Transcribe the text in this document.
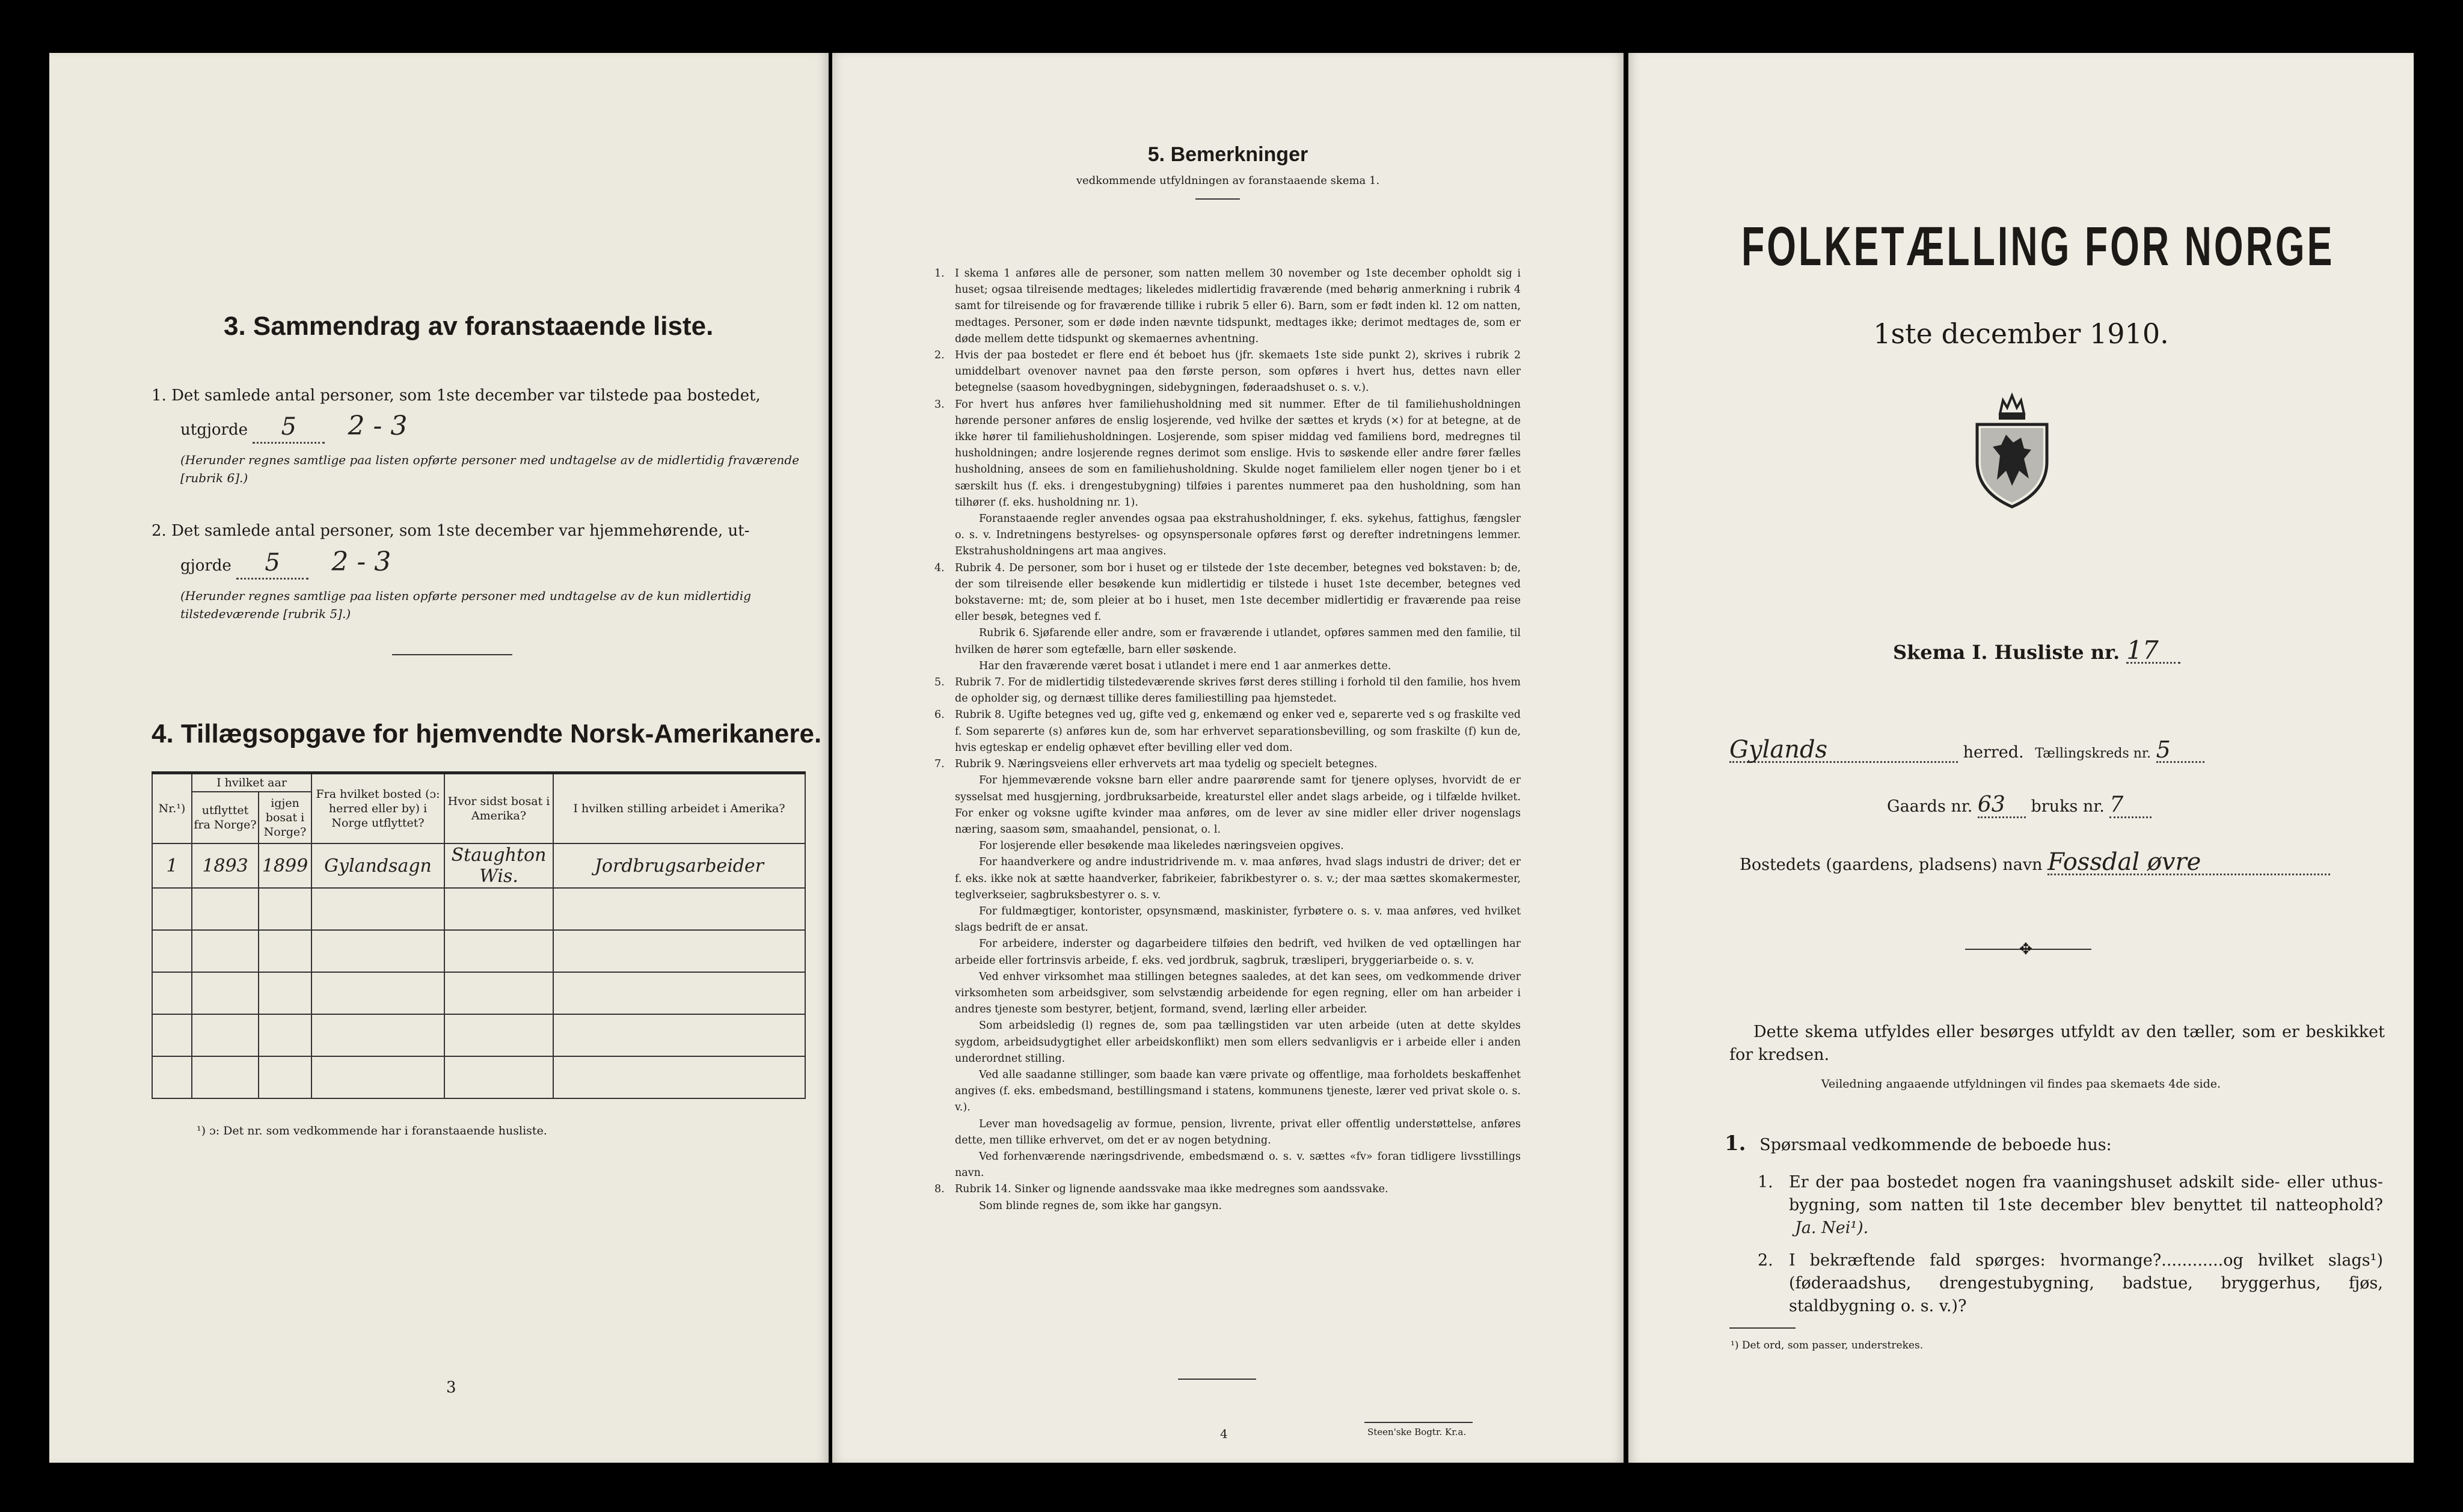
3. Sammendrag av foranstaaende liste.
1. Det samlede antal personer, som 1ste december var tilstede paa bostedet,
utgjorde 5 2 - 3
(Herunder regnes samtlige paa listen opførte personer med undtagelse av de midlertidig fraværende [rubrik 6].)
2. Det samlede antal personer, som 1ste december var hjemmehørende, ut-
gjorde 5 2 - 3
(Herunder regnes samtlige paa listen opførte personer med undtagelse av de kun midlertidig tilstedeværende [rubrik 5].)
4. Tillægsopgave for hjemvendte Norsk-Amerikanere.
Nr.¹)	I hvilket aar		Fra hvilket bosted (ɔ: herred eller by) i Norge utflyttet?	Hvor sidst bosat i Amerika?	I hvilken stilling arbeidet i Amerika?
	utflyttet fra Norge?	igjen bosat i Norge?			
1	1893	1899	Gylandsagn	Staughton Wis.	Jordbrugsarbeider

¹) ɔ: Det nr. som vedkommende har i foranstaaende husliste.
3
5. Bemerkninger
vedkommende utfyldningen av foranstaaende skema 1.
1. I skema 1 anføres alle de personer, som natten mellem 30 november og 1ste december opholdt sig i huset; ogsaa tilreisende medtages; likeledes midlertidig fraværende (med behørig anmerkning i rubrik 4 samt for tilreisende og for fraværende tillike i rubrik 5 eller 6). Barn, som er født inden kl. 12 om natten, medtages. Personer, som er døde inden nævnte tidspunkt, medtages ikke; derimot medtages de, som er døde mellem dette tidspunkt og skemaernes avhentning.
2. Hvis der paa bostedet er flere end ét beboet hus (jfr. skemaets 1ste side punkt 2), skrives i rubrik 2 umiddelbart ovenover navnet paa den første person, som opføres i hvert hus, dettes navn eller betegnelse (saasom hovedbygningen, sidebygningen, føderaadshuset o. s. v.).
3. For hvert hus anføres hver familiehusholdning med sit nummer. Efter de til familiehusholdningen hørende personer anføres de enslig losjerende, ved hvilke der sættes et kryds (×) for at betegne, at de ikke hører til familiehusholdningen. Losjerende, som spiser middag ved familiens bord, medregnes til husholdningen; andre losjerende regnes derimot som enslige. Hvis to søskende eller andre fører fælles husholdning, ansees de som en familiehusholdning. Skulde noget familielem eller nogen tjener bo i et særskilt hus (f. eks. i drengestubygning) tilføies i parentes nummeret paa den husholdning, som han tilhører (f. eks. husholdning nr. 1).
Foranstaaende regler anvendes ogsaa paa ekstrahusholdninger, f. eks. sykehus, fattighus, fængsler o. s. v. Indretningens bestyrelses- og opsynspersonale opføres først og derefter indretningens lemmer. Ekstrahusholdningens art maa angives.
4. Rubrik 4. De personer, som bor i huset og er tilstede der 1ste december, betegnes ved bokstaven: b; de, der som tilreisende eller besøkende kun midlertidig er tilstede i huset 1ste december, betegnes ved bokstaverne: mt; de, som pleier at bo i huset, men 1ste december midlertidig er fraværende paa reise eller besøk, betegnes ved f.
Rubrik 6. Sjøfarende eller andre, som er fraværende i utlandet, opføres sammen med den familie, til hvilken de hører som egtefælle, barn eller søskende.
Har den fraværende været bosat i utlandet i mere end 1 aar anmerkes dette.
5. Rubrik 7. For de midlertidig tilstedeværende skrives først deres stilling i forhold til den familie, hos hvem de opholder sig, og dernæst tillike deres familiestilling paa hjemstedet.
6. Rubrik 8. Ugifte betegnes ved ug, gifte ved g, enkemænd og enker ved e, separerte ved s og fraskilte ved f. Som separerte (s) anføres kun de, som har erhvervet separationsbevilling, og som fraskilte (f) kun de, hvis egteskap er endelig ophævet efter bevilling eller ved dom.
7. Rubrik 9. Næringsveiens eller erhvervets art maa tydelig og specielt betegnes.
For hjemmeværende voksne barn eller andre paarørende samt for tjenere oplyses, hvorvidt de er sysselsat med husgjerning, jordbruksarbeide, kreaturstel eller andet slags arbeide, og i tilfælde hvilket. For enker og voksne ugifte kvinder maa anføres, om de lever av sine midler eller driver nogenslags næring, saasom søm, smaahandel, pensionat, o. l.
For losjerende eller besøkende maa likeledes næringsveien opgives.
For haandverkere og andre industridrivende m. v. maa anføres, hvad slags industri de driver; det er f. eks. ikke nok at sætte haandverker, fabrikeier, fabrikbestyrer o. s. v.; der maa sættes skomakermester, teglverkseier, sagbruksbestyrer o. s. v.
For fuldmægtiger, kontorister, opsynsmænd, maskinister, fyrbøtere o. s. v. maa anføres, ved hvilket slags bedrift de er ansat.
For arbeidere, inderster og dagarbeidere tilføies den bedrift, ved hvilken de ved optællingen har arbeide eller fortrinsvis arbeide, f. eks. ved jordbruk, sagbruk, træsliperi, bryggeriarbeide o. s. v.
Ved enhver virksomhet maa stillingen betegnes saaledes, at det kan sees, om vedkommende driver virksomheten som arbeidsgiver, som selvstændig arbeidende for egen regning, eller om han arbeider i andres tjeneste som bestyrer, betjent, formand, svend, lærling eller arbeider.
Som arbeidsledig (l) regnes de, som paa tællingstiden var uten arbeide (uten at dette skyldes sygdom, arbeidsudygtighet eller arbeidskonflikt) men som ellers sedvanligvis er i arbeide eller i anden underordnet stilling.
Ved alle saadanne stillinger, som baade kan være private og offentlige, maa forholdets beskaffenhet angives (f. eks. embedsmand, bestillingsmand i statens, kommunens tjeneste, lærer ved privat skole o. s. v.).
Lever man hovedsagelig av formue, pension, livrente, privat eller offentlig understøttelse, anføres dette, men tillike erhvervet, om det er av nogen betydning.
Ved forhenværende næringsdrivende, embedsmænd o. s. v. sættes «fv» foran tidligere livsstillings navn.
8. Rubrik 14. Sinker og lignende aandssvake maa ikke medregnes som aandssvake.
Som blinde regnes de, som ikke har gangsyn.
4	Steen'ske Bogtr. Kr.a.
FOLKETÆLLING FOR NORGE
1ste december 1910.
Skema I. Husliste nr. 17
Gylands	herred. Tællingskreds nr. 5
Gaards nr. 63 bruks nr. 7
Bostedets (gaardens, pladsens) navn Fossdal øvre
✥
Dette skema utfyldes eller besørges utfyldt av den tæller, som er beskikket for kredsen.
Veiledning angaaende utfyldningen vil findes paa skemaets 4de side.
1. Spørsmaal vedkommende de beboede hus:
1. Er der paa bostedet nogen fra vaaningshuset adskilt side- eller uthus-bygning, som natten til 1ste december blev benyttet til natteophold? Ja. Nei¹).
2. I bekræftende fald spørges: hvormange?............og hvilket slags¹) (føderaadshus, drengestubygning, badstue, bryggerhus, fjøs, staldbygning o. s. v.)?
¹) Det ord, som passer, understrekes.
